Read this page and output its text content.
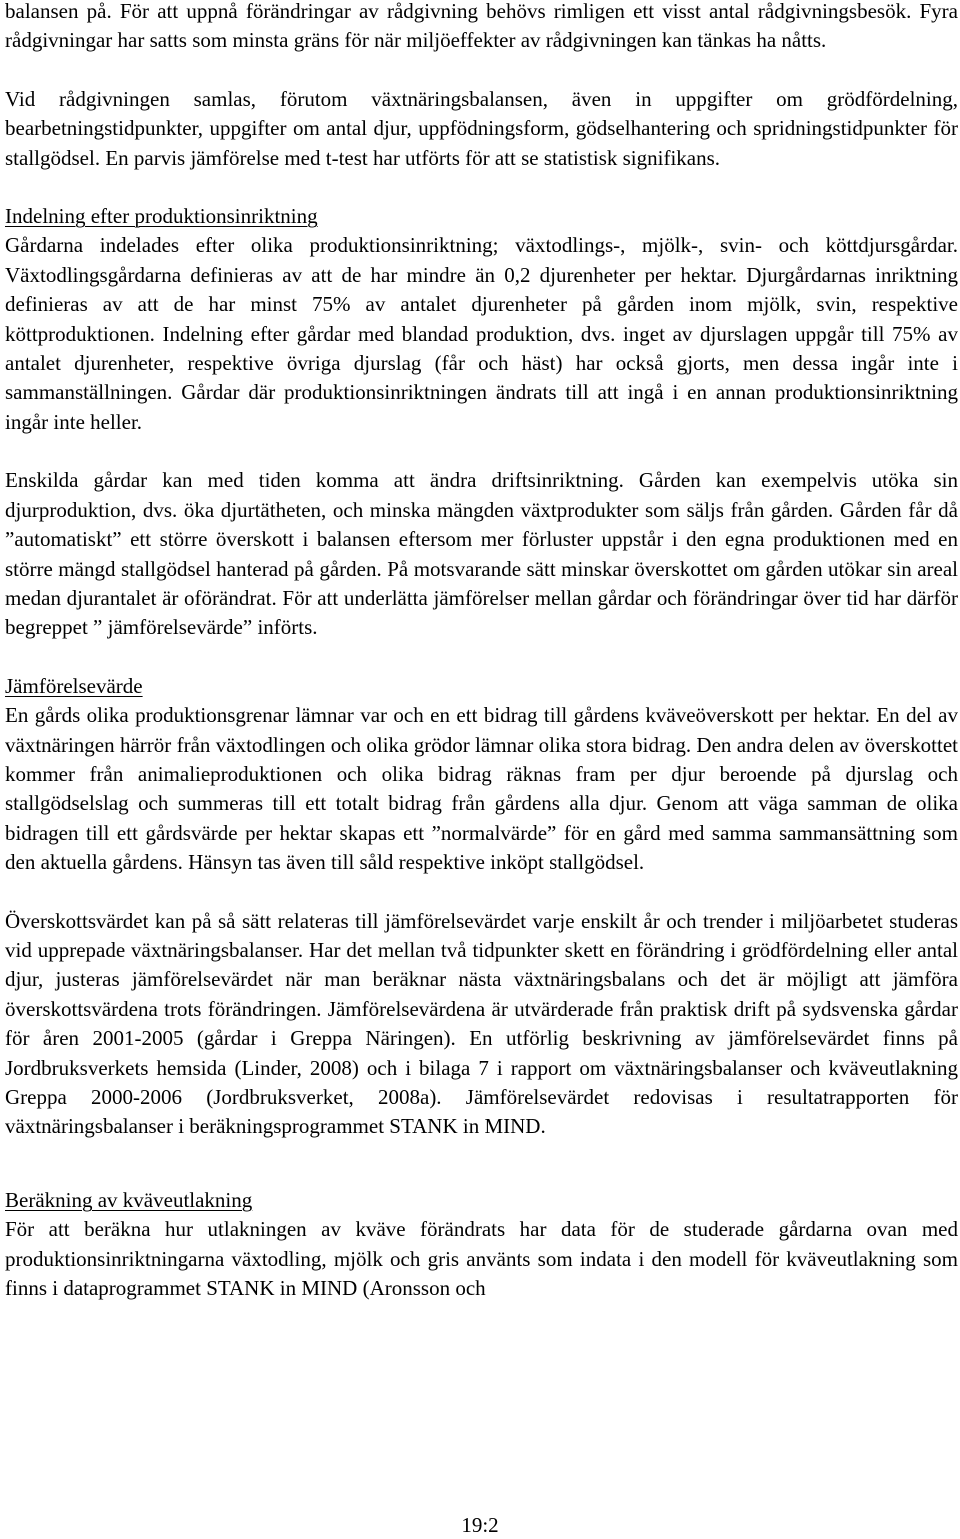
balansen på. För att uppnå förändringar av rådgivning behövs rimligen ett visst antal rådgivningsbesök. Fyra rådgivningar har satts som minsta gräns för när miljöeffekter av rådgivningen kan tänkas ha nåtts.

Vid rådgivningen samlas, förutom växtnäringsbalansen, även in uppgifter om grödfördelning, bearbetningstidpunkter, uppgifter om antal djur, uppfödningsform, gödselhantering och spridningstidpunkter för stallgödsel. En parvis jämförelse med t-test har utförts för att se statistisk signifikans.

Indelning efter produktionsinriktning

Gårdarna indelades efter olika produktionsinriktning; växtodlings-, mjölk-, svin- och köttdjursgårdar. Växtodlingsgårdarna definieras av att de har mindre än 0,2 djurenheter per hektar. Djurgårdarnas inriktning definieras av att de har minst 75% av antalet djurenheter på gården inom mjölk, svin, respektive köttproduktionen. Indelning efter gårdar med blandad produktion, dvs. inget av djurslagen uppgår till 75% av antalet djurenheter, respektive övriga djurslag (får och häst) har också gjorts, men dessa ingår inte i sammanställningen. Gårdar där produktionsinriktningen ändrats till att ingå i en annan produktionsinriktning ingår inte heller.

Enskilda gårdar kan med tiden komma att ändra driftsinriktning. Gården kan exempelvis utöka sin djurproduktion, dvs. öka djurtätheten, och minska mängden växtprodukter som säljs från gården. Gården får då ”automatiskt” ett större överskott i balansen eftersom mer förluster uppstår i den egna produktionen med en större mängd stallgödsel hanterad på gården. På motsvarande sätt minskar överskottet om gården utökar sin areal medan djurantalet är oförändrat. För att underlätta jämförelser mellan gårdar och förändringar över tid har därför begreppet ” jämförelsevärde” införts.

Jämförelsevärde

En gårds olika produktionsgrenar lämnar var och en ett bidrag till gårdens kväveöverskott per hektar. En del av växtnäringen härrör från växtodlingen och olika grödor lämnar olika stora bidrag. Den andra delen av överskottet kommer från animalieproduktionen och olika bidrag räknas fram per djur beroende på djurslag och stallgödselslag och summeras till ett totalt bidrag från gårdens alla djur. Genom att väga samman de olika bidragen till ett gårdsvärde per hektar skapas ett ”normalvärde” för en gård med samma sammansättning som den aktuella gårdens. Hänsyn tas även till såld respektive inköpt stallgödsel.

Överskottsvärdet kan på så sätt relateras till jämförelsevärdet varje enskilt år och trender i miljöarbetet studeras vid upprepade växtnäringsbalanser. Har det mellan två tidpunkter skett en förändring i grödfördelning eller antal djur, justeras jämförelsevärdet när man beräknar nästa växtnäringsbalans och det är möjligt att jämföra överskottsvärdena trots förändringen. Jämförelsevärdena är utvärderade från praktisk drift på sydsvenska gårdar för åren 2001-2005 (gårdar i Greppa Näringen). En utförlig beskrivning av jämförelsevärdet finns på Jordbruksverkets hemsida (Linder, 2008) och i bilaga 7 i rapport om växtnäringsbalanser och kväveutlakning Greppa 2000-2006 (Jordbruksverket, 2008a). Jämförelsevärdet redovisas i resultatrapporten för växtnäringsbalanser i beräkningsprogrammet STANK in MIND.

Beräkning av kväveutlakning

För att beräkna hur utlakningen av kväve förändrats har data för de studerade gårdarna ovan med produktionsinriktningarna växtodling, mjölk och gris använts som indata i den modell för kväveutlakning som finns i dataprogrammet STANK in MIND (Aronsson och

19:2
